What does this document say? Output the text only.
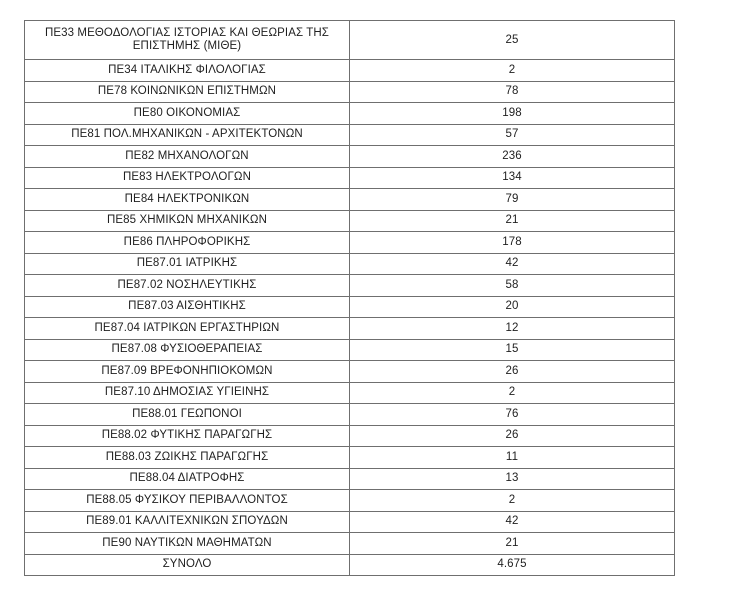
ΠΕ33 ΜΕΘΟΔΟΛΟΓΙΑΣ ΙΣΤΟΡΙΑΣ ΚΑΙ ΘΕΩΡΙΑΣ ΤΗΣ ΕΠΙΣΤΗΜΗΣ (ΜΙΘΕ)	25
ΠΕ34 ΙΤΑΛΙΚΗΣ ΦΙΛΟΛΟΓΙΑΣ	2
ΠΕ78 ΚΟΙΝΩΝΙΚΩΝ ΕΠΙΣΤΗΜΩΝ	78
ΠΕ80 ΟΙΚΟΝΟΜΙΑΣ	198
ΠΕ81 ΠΟΛ.ΜΗΧΑΝΙΚΩΝ - ΑΡΧΙΤΕΚΤΟΝΩΝ	57
ΠΕ82 ΜΗΧΑΝΟΛΟΓΩΝ	236
ΠΕ83 ΗΛΕΚΤΡΟΛΟΓΩΝ	134
ΠΕ84 ΗΛΕΚΤΡΟΝΙΚΩΝ	79
ΠΕ85 ΧΗΜΙΚΩΝ ΜΗΧΑΝΙΚΩΝ	21
ΠΕ86 ΠΛΗΡΟΦΟΡΙΚΗΣ	178
ΠΕ87.01 ΙΑΤΡΙΚΗΣ	42
ΠΕ87.02 ΝΟΣΗΛΕΥΤΙΚΗΣ	58
ΠΕ87.03 ΑΙΣΘΗΤΙΚΗΣ	20
ΠΕ87.04 ΙΑΤΡΙΚΩΝ ΕΡΓΑΣΤΗΡΙΩΝ	12
ΠΕ87.08 ΦΥΣΙΟΘΕΡΑΠΕΙΑΣ	15
ΠΕ87.09 ΒΡΕΦΟΝΗΠΙΟΚΟΜΩΝ	26
ΠΕ87.10 ΔΗΜΟΣΙΑΣ ΥΓΙΕΙΝΗΣ	2
ΠΕ88.01 ΓΕΩΠΟΝΟΙ	76
ΠΕ88.02 ΦΥΤΙΚΗΣ ΠΑΡΑΓΩΓΗΣ	26
ΠΕ88.03 ΖΩΙΚΗΣ ΠΑΡΑΓΩΓΗΣ	11
ΠΕ88.04 ΔΙΑΤΡΟΦΗΣ	13
ΠΕ88.05 ΦΥΣΙΚΟΥ ΠΕΡΙΒΑΛΛΟΝΤΟΣ	2
ΠΕ89.01 ΚΑΛΛΙΤΕΧΝΙΚΩΝ ΣΠΟΥΔΩΝ	42
ΠΕ90 ΝΑΥΤΙΚΩΝ ΜΑΘΗΜΑΤΩΝ	21
ΣΥΝΟΛΟ	4.675
